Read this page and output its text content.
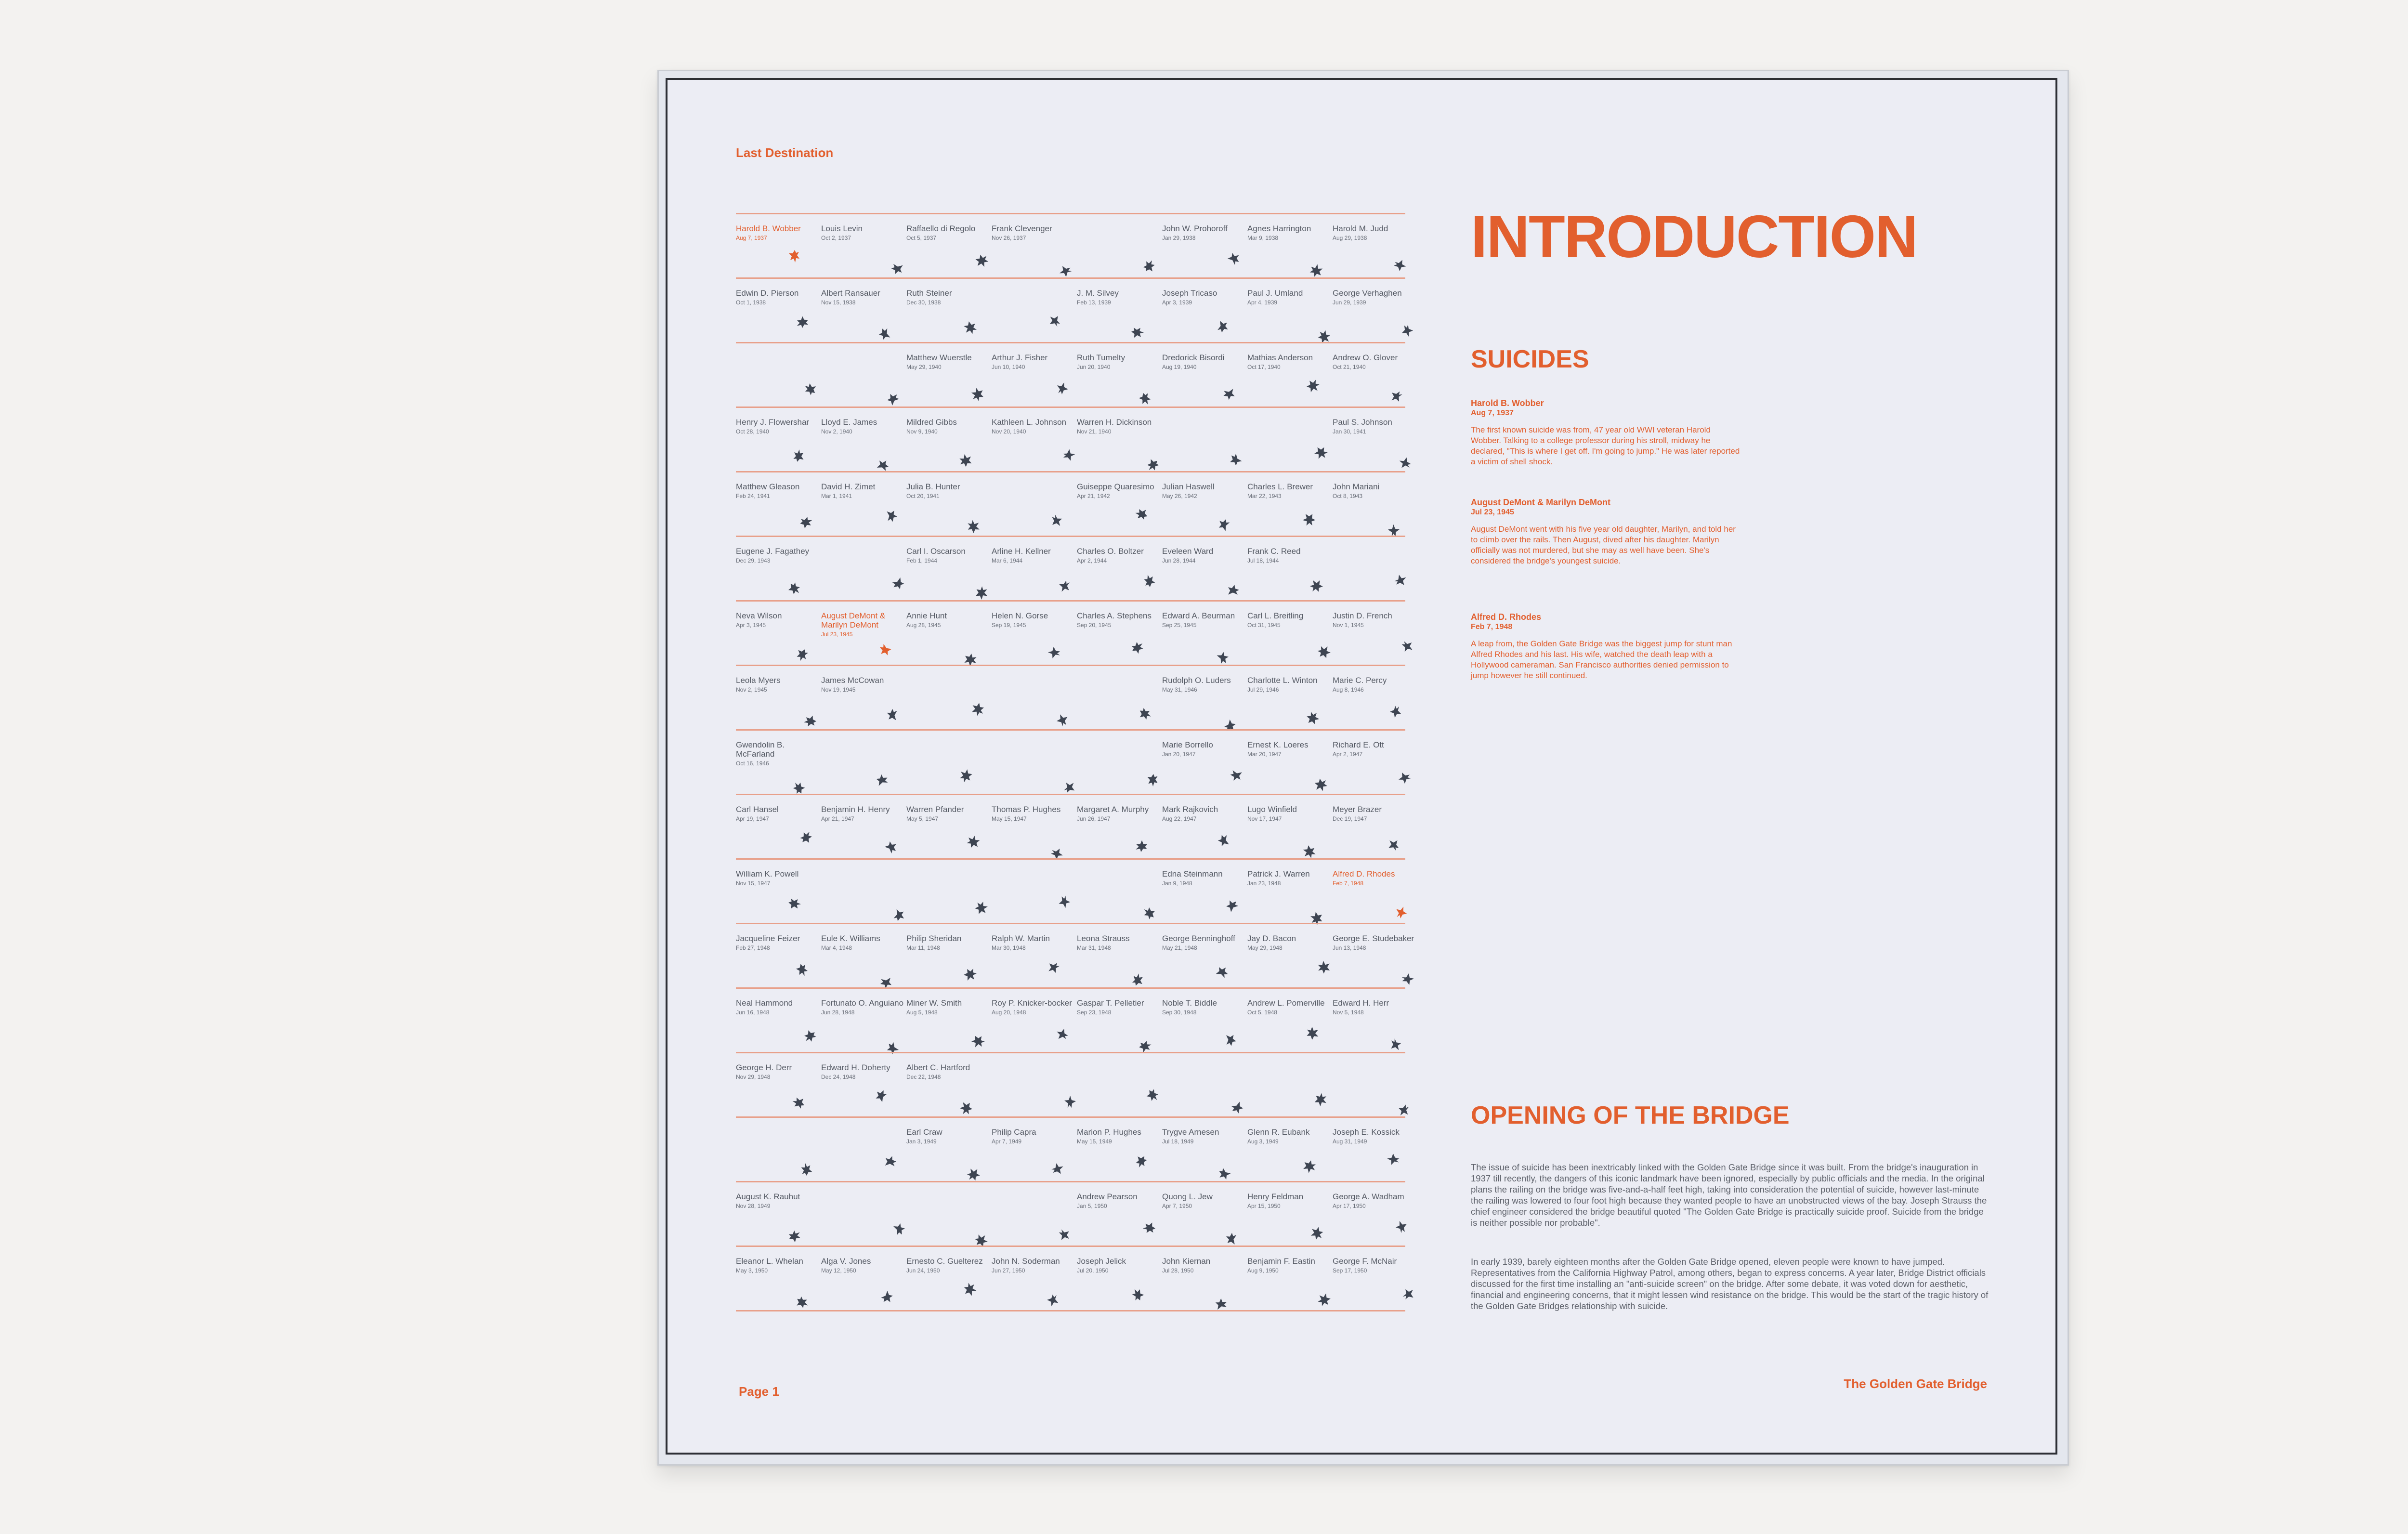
Last Destination
Harold B. Wobber
Aug 7, 1937
Louis Levin
Oct 2, 1937
Raffaello di Regolo
Oct 5, 1937
Frank Clevenger
Nov 26, 1937
John W. Prohoroff
Jan 29, 1938
Agnes Harrington
Mar 9, 1938
Harold M. Judd
Aug 29, 1938
Edwin D. Pierson
Oct 1, 1938
Albert Ransauer
Nov 15, 1938
Ruth Steiner
Dec 30, 1938
J. M. Silvey
Feb 13, 1939
Joseph Tricaso
Apr 3, 1939
Paul J. Umland
Apr 4, 1939
George Verhaghen
Jun 29, 1939
Matthew Wuerstle
May 29, 1940
Arthur J. Fisher
Jun 10, 1940
Ruth Tumelty
Jun 20, 1940
Dredorick Bisordi
Aug 19, 1940
Mathias Anderson
Oct 17, 1940
Andrew O. Glover
Oct 21, 1940
Henry J. Flowershar
Oct 28, 1940
Lloyd E. James
Nov 2, 1940
Mildred Gibbs
Nov 9, 1940
Kathleen L. Johnson
Nov 20, 1940
Warren H. Dickinson
Nov 21, 1940
Paul S. Johnson
Jan 30, 1941
Matthew Gleason
Feb 24, 1941
David H. Zimet
Mar 1, 1941
Julia B. Hunter
Oct 20, 1941
Guiseppe Quaresimo
Apr 21, 1942
Julian Haswell
May 26, 1942
Charles L. Brewer
Mar 22, 1943
John Mariani
Oct 8, 1943
Eugene J. Fagathey
Dec 29, 1943
Carl I. Oscarson
Feb 1, 1944
Arline H. Kellner
Mar 6, 1944
Charles O. Boltzer
Apr 2, 1944
Eveleen Ward
Jun 28, 1944
Frank C. Reed
Jul 18, 1944
Neva Wilson
Apr 3, 1945
August DeMont & Marilyn DeMont
Jul 23, 1945
Annie Hunt
Aug 28, 1945
Helen N. Gorse
Sep 19, 1945
Charles A. Stephens
Sep 20, 1945
Edward A. Beurman
Sep 25, 1945
Carl L. Breitling
Oct 31, 1945
Justin D. French
Nov 1, 1945
Leola Myers
Nov 2, 1945
James McCowan
Nov 19, 1945
Rudolph O. Luders
May 31, 1946
Charlotte L. Winton
Jul 29, 1946
Marie C. Percy
Aug 8, 1946
Gwendolin B. McFarland
Oct 16, 1946
Marie Borrello
Jan 20, 1947
Ernest K. Loeres
Mar 20, 1947
Richard E. Ott
Apr 2, 1947
Carl Hansel
Apr 19, 1947
Benjamin H. Henry
Apr 21, 1947
Warren Pfander
May 5, 1947
Thomas P. Hughes
May 15, 1947
Margaret A. Murphy
Jun 26, 1947
Mark Rajkovich
Aug 22, 1947
Lugo Winfield
Nov 17, 1947
Meyer Brazer
Dec 19, 1947
William K. Powell
Nov 15, 1947
Edna Steinmann
Jan 9, 1948
Patrick J. Warren
Jan 23, 1948
Alfred D. Rhodes
Feb 7, 1948
Jacqueline Feizer
Feb 27, 1948
Eule K. Williams
Mar 4, 1948
Philip Sheridan
Mar 11, 1948
Ralph W. Martin
Mar 30, 1948
Leona Strauss
Mar 31, 1948
George Benninghoff
May 21, 1948
Jay D. Bacon
May 29, 1948
George E. Studebaker
Jun 13, 1948
Neal Hammond
Jun 16, 1948
Fortunato O. Anguiano
Jun 28, 1948
Miner W. Smith
Aug 5, 1948
Roy P. Knicker-bocker
Aug 20, 1948
Gaspar T. Pelletier
Sep 23, 1948
Noble T. Biddle
Sep 30, 1948
Andrew L. Pomerville
Oct 5, 1948
Edward H. Herr
Nov 5, 1948
George H. Derr
Nov 29, 1948
Edward H. Doherty
Dec 24, 1948
Albert C. Hartford
Dec 22, 1948
Earl Craw
Jan 3, 1949
Philip Capra
Apr 7, 1949
Marion P. Hughes
May 15, 1949
Trygve Arnesen
Jul 18, 1949
Glenn R. Eubank
Aug 3, 1949
Joseph E. Kossick
Aug 31, 1949
August K. Rauhut
Nov 28, 1949
Andrew Pearson
Jan 5, 1950
Quong L. Jew
Apr 7, 1950
Henry Feldman
Apr 15, 1950
George A. Wadham
Apr 17, 1950
Eleanor L. Whelan
May 3, 1950
Alga V. Jones
May 12, 1950
Ernesto C. Guelterez
Jun 24, 1950
John N. Soderman
Jun 27, 1950
Joseph Jelick
Jul 20, 1950
John Kiernan
Jul 28, 1950
Benjamin F. Eastin
Aug 9, 1950
George F. McNair
Sep 17, 1950
INTRODUCTION
SUICIDES
Harold B. Wobber
Aug 7, 1937
The first known suicide was from, 47 year old WWI veteran Harold Wobber. Talking to a college professor during his stroll, midway he declared, "This is where I get off. I'm going to jump." He was later reported a victim of shell shock.
August DeMont & Marilyn DeMont
Jul 23, 1945
August DeMont went with his five year old daughter, Marilyn, and told her to climb over the rails. Then August, dived after his daughter. Marilyn officially was not murdered, but she may as well have been. She's considered the bridge's youngest suicide.
Alfred D. Rhodes
Feb 7, 1948
A leap from, the Golden Gate Bridge was the biggest jump for stunt man Alfred Rhodes and his last. His wife, watched the death leap with a Hollywood cameraman. San Francisco authorities denied permission to jump however he still continued.
OPENING OF THE BRIDGE
The issue of suicide has been inextricably linked with the Golden Gate Bridge since it was built. From the bridge's inauguration in 1937 till recently, the dangers of this iconic landmark have been ignored, especially by public officials and the media. In the original plans the railing on the bridge was five-and-a-half feet high, taking into consideration the potential of suicide, however last-minute the railing was lowered to four foot high because they wanted people to have an unobstructed views of the bay. Joseph Strauss the chief engineer considered the bridge beautiful quoted "The Golden Gate Bridge is practically suicide proof. Suicide from the bridge is neither possible nor probable".
In early 1939, barely eighteen months after the Golden Gate Bridge opened, eleven people were known to have jumped. Representatives from the California Highway Patrol, among others, began to express concerns. A year later, Bridge District officials discussed for the first time installing an "anti-suicide screen" on the bridge. After some debate, it was voted down for aesthetic, financial and engineering concerns, that it might lessen wind resistance on the bridge. This would be the start of the tragic history of the Golden Gate Bridges relationship with suicide.
Page 1
The Golden Gate Bridge
